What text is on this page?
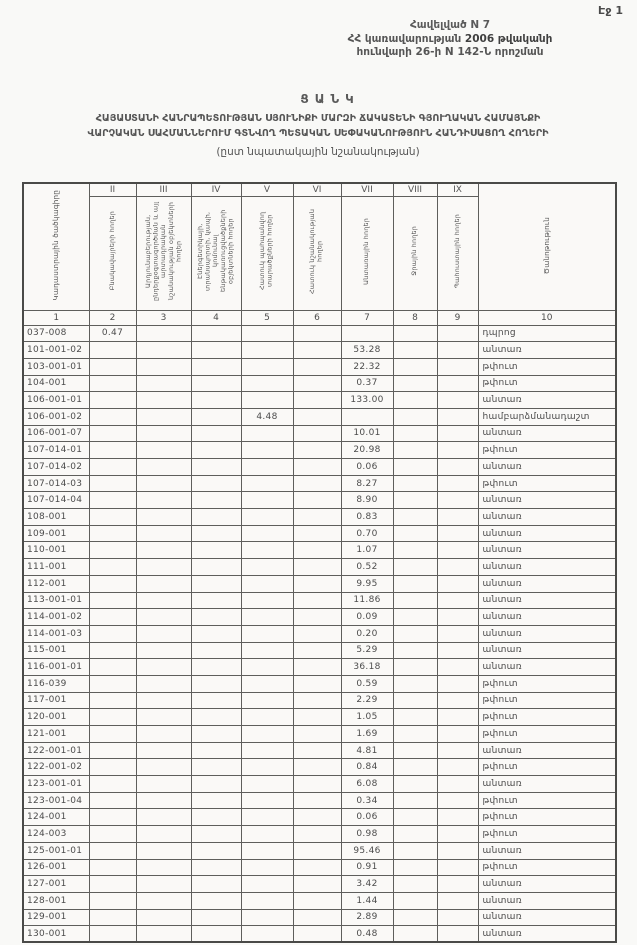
Էջ 1
Հավելված N 7
ՀՀ կառավարության 2006 թվականի
հունվարի 26-ի N 142-Ն որոշման
ՑԱՆԿ
ՀԱՅԱՍՏԱՆԻ ՀԱՆՐԱՊԵՏՈՒԹՅԱՆ ՍՅՈՒՆԻՔԻ ՄԱՐԶԻ ՃԱԿԱՏԵՆԻ ԳՅՈՒՂԱԿԱՆ ՀԱՄԱՅՆՔԻ
ՎԱՐՉԱԿԱՆ ՍԱՀՄԱՆՆԵՐՈՒՄ ԳՏՆՎՈՂ ՊԵՏԱԿԱՆ ՍԵՓԱԿԱՆՈՒԹՅՈՒՆ ՀԱՆԴԻՍԱՑՈՂ ՀՈՂԵՐԻ
(ըստ նպատակային նշանակության)
Կադաստրային ծածկագիրը	II	III	IV	V	VI	VII	VIII	IX	Ծանոթություն
	Բնակավայրերի հողեր	Արդյունաբերության, ընդերքօգտագործման և այլ արտադրական նշանակության օբյեկտների հողեր	Էներգետիկայի, տրանսպորտի, կապի, կոմունալ ենթակառուցվածքների օբյեկտների հողեր	Հատուկ պահպանվող տարածքների հողեր	Հատուկ նշանակության հողեր	Անտառային հողեր	Ջրային հողեր	Պահուստային հողեր	
1	2	3	4	5	6	7	8	9	10
037-008	0.47								դպրոց
101-001-02						53.28			անտառ
103-001-01						22.32			թփուտ
104-001						0.37			թփուտ
106-001-01						133.00			անտառ
106-001-02				4.48					համբարձմանադաշտ
106-001-07						10.01			անտառ
107-014-01						20.98			թփուտ
107-014-02						0.06			անտառ
107-014-03						8.27			թփուտ
107-014-04						8.90			անտառ
108-001						0.83			անտառ
109-001						0.70			անտառ
110-001						1.07			անտառ
111-001						0.52			անտառ
112-001						9.95			անտառ
113-001-01						11.86			անտառ
114-001-02						0.09			անտառ
114-001-03						0.20			անտառ
115-001						5.29			անտառ
116-001-01						36.18			անտառ
116-039						0.59			թփուտ
117-001						2.29			թփուտ
120-001						1.05			թփուտ
121-001						1.69			թփուտ
122-001-01						4.81			անտառ
122-001-02						0.84			թփուտ
123-001-01						6.08			անտառ
123-001-04						0.34			թփուտ
124-001						0.06			թփուտ
124-003						0.98			թփուտ
125-001-01						95.46			անտառ
126-001						0.91			թփուտ
127-001						3.42			անտառ
128-001						1.44			անտառ
129-001						2.89			անտառ
130-001						0.48			անտառ
